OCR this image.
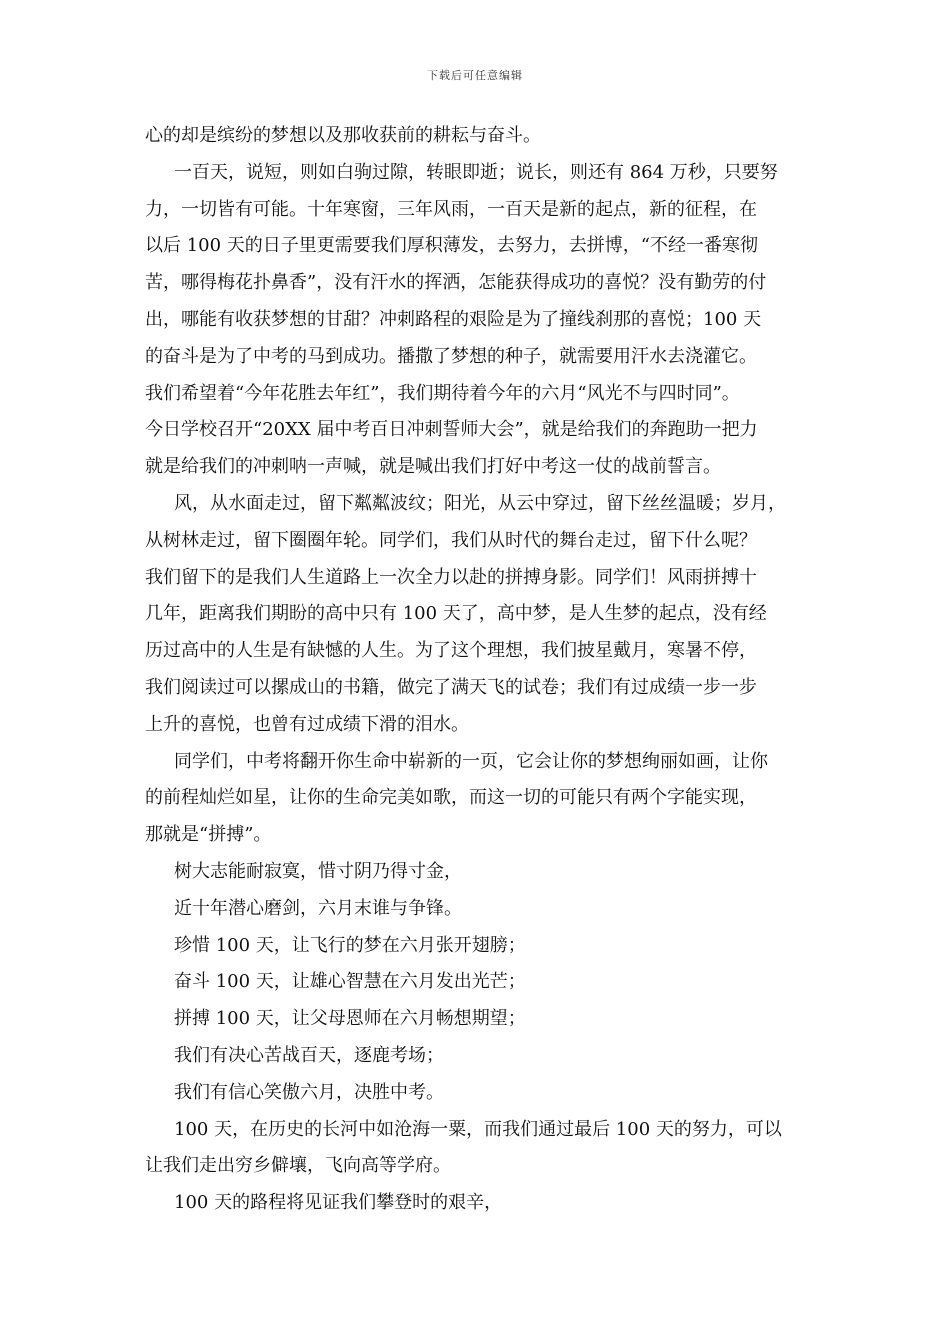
下载后可任意编辑
心的却是缤纷的梦想以及那收获前的耕耘与奋斗。
一百天，说短，则如白驹过隙，转眼即逝；说长，则还有 864 万秒，只要努
力，一切皆有可能。十年寒窗，三年风雨，一百天是新的起点，新的征程，在
以后 100 天的日子里更需要我们厚积薄发，去努力，去拼博，“不经一番寒彻
苦，哪得梅花扑鼻香”，没有汗水的挥洒，怎能获得成功的喜悦？没有勤劳的付
出，哪能有收获梦想的甘甜？冲刺路程的艰险是为了撞线刹那的喜悦；100 天
的奋斗是为了中考的马到成功。播撒了梦想的种子，就需要用汗水去浇灌它。
我们希望着“今年花胜去年红”，我们期待着今年的六月“风光不与四时同”。
今日学校召开“20XX 届中考百日冲刺誓师大会”，就是给我们的奔跑助一把力
就是给我们的冲刺呐一声喊，就是喊出我们打好中考这一仗的战前誓言。
风，从水面走过，留下粼粼波纹；阳光，从云中穿过，留下丝丝温暖；岁月，
从树林走过，留下圈圈年轮。同学们，我们从时代的舞台走过，留下什么呢？
我们留下的是我们人生道路上一次全力以赴的拼搏身影。同学们！风雨拼搏十
几年，距离我们期盼的高中只有 100 天了，高中梦，是人生梦的起点，没有经
历过高中的人生是有缺憾的人生。为了这个理想，我们披星戴月，寒暑不停，
我们阅读过可以摞成山的书籍，做完了满天飞的试卷；我们有过成绩一步一步
上升的喜悦，也曾有过成绩下滑的泪水。
同学们，中考将翻开你生命中崭新的一页，它会让你的梦想绚丽如画，让你
的前程灿烂如星，让你的生命完美如歌，而这一切的可能只有两个字能实现，
那就是“拼搏”。
树大志能耐寂寞，惜寸阴乃得寸金，
近十年潜心磨剑，六月末谁与争锋。
珍惜 100 天，让飞行的梦在六月张开翅膀；
奋斗 100 天，让雄心智慧在六月发出光芒；
拼搏 100 天，让父母恩师在六月畅想期望；
我们有决心苦战百天，逐鹿考场；
我们有信心笑傲六月，决胜中考。
100 天，在历史的长河中如沧海一粟，而我们通过最后 100 天的努力，可以
让我们走出穷乡僻壤，飞向高等学府。
100 天的路程将见证我们攀登时的艰辛，
